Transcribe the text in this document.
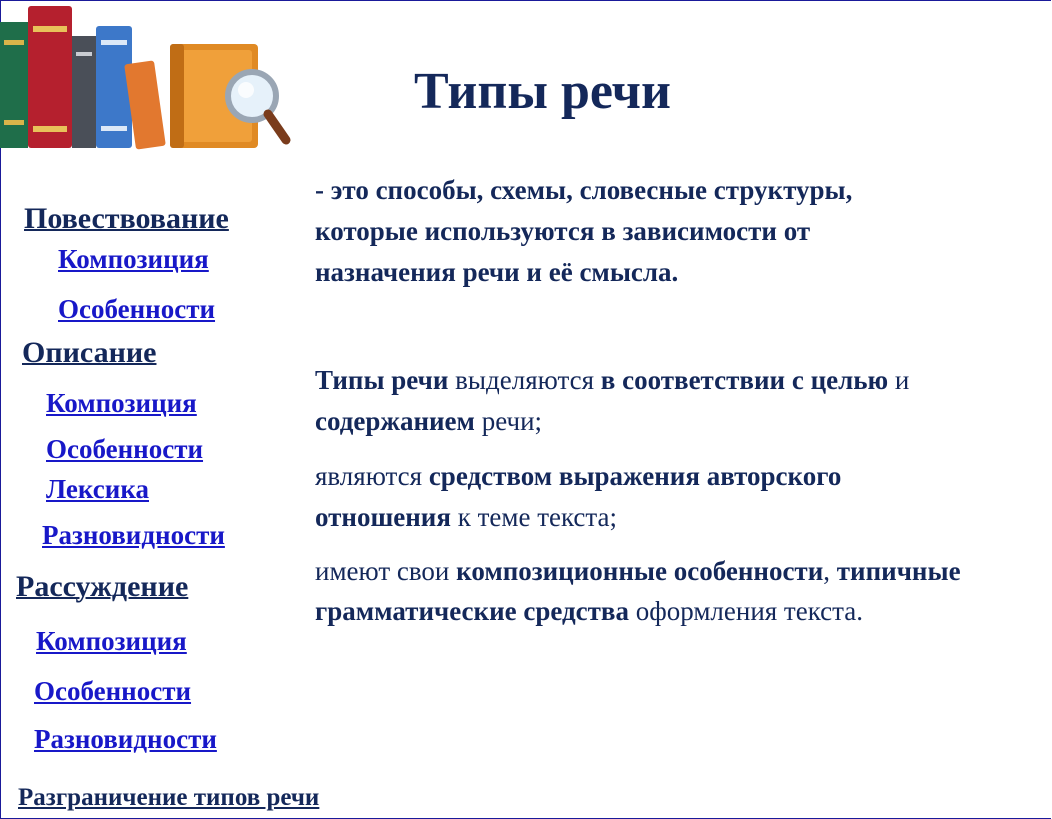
Типы речи
Повествование
Композиция
Особенности
Описание
Композиция
Особенности
Лексика
Разновидности
Рассуждение
Композиция
Особенности
Разновидности
Разграничение типов речи

- это способы, схемы, словесные структуры,
которые используются в зависимости от
назначения речи и её смысла.

Типы речи выделяются в соответствии с целью и
содержанием речи;

являются средством выражения авторского
отношения к теме текста;

имеют свои композиционные особенности, типичные
грамматические средства оформления текста.
